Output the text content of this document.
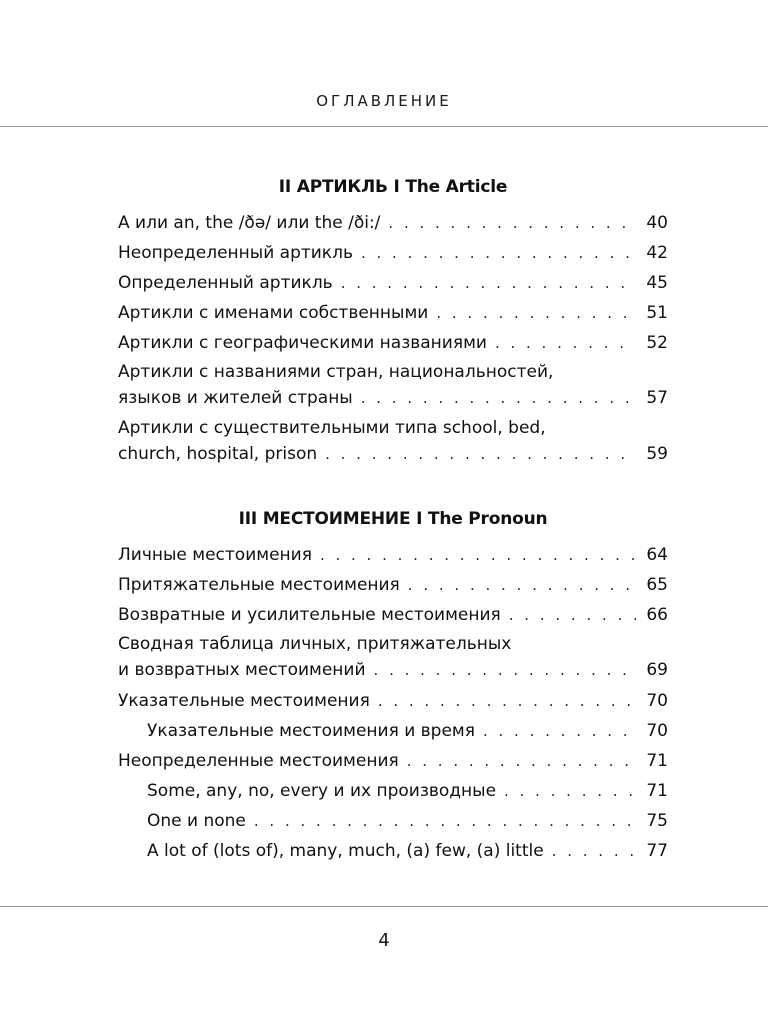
ОГЛАВЛЕНИЕ
II АРТИКЛЬ I The Article
A или an, the /ðə/ или the /ði:/ . . .	40
Неопределенный артикль . . .	42
Определенный артикль . . .	45
Артикли с именами собственными . . .	51
Артикли с географическими названиями . . .	52
Артикли с названиями стран, национальностей,
языков и жителей страны . . .	57
Артикли с существительными типа school, bed,
church, hospital, prison . . .	59
III МЕСТОИМЕНИЕ I The Pronoun
Личные местоимения . . .	64
Притяжательные местоимения . . .	65
Возвратные и усилительные местоимения . . .	66
Сводная таблица личных, притяжательных
и возвратных местоимений . . .	69
Указательные местоимения . . .	70
Указательные местоимения и время . . .	70
Неопределенные местоимения . . .	71
Some, any, no, every и их производные . . .	71
One и none . . .	75
A lot of (lots of), many, much, (a) few, (a) little . . .	77
4
